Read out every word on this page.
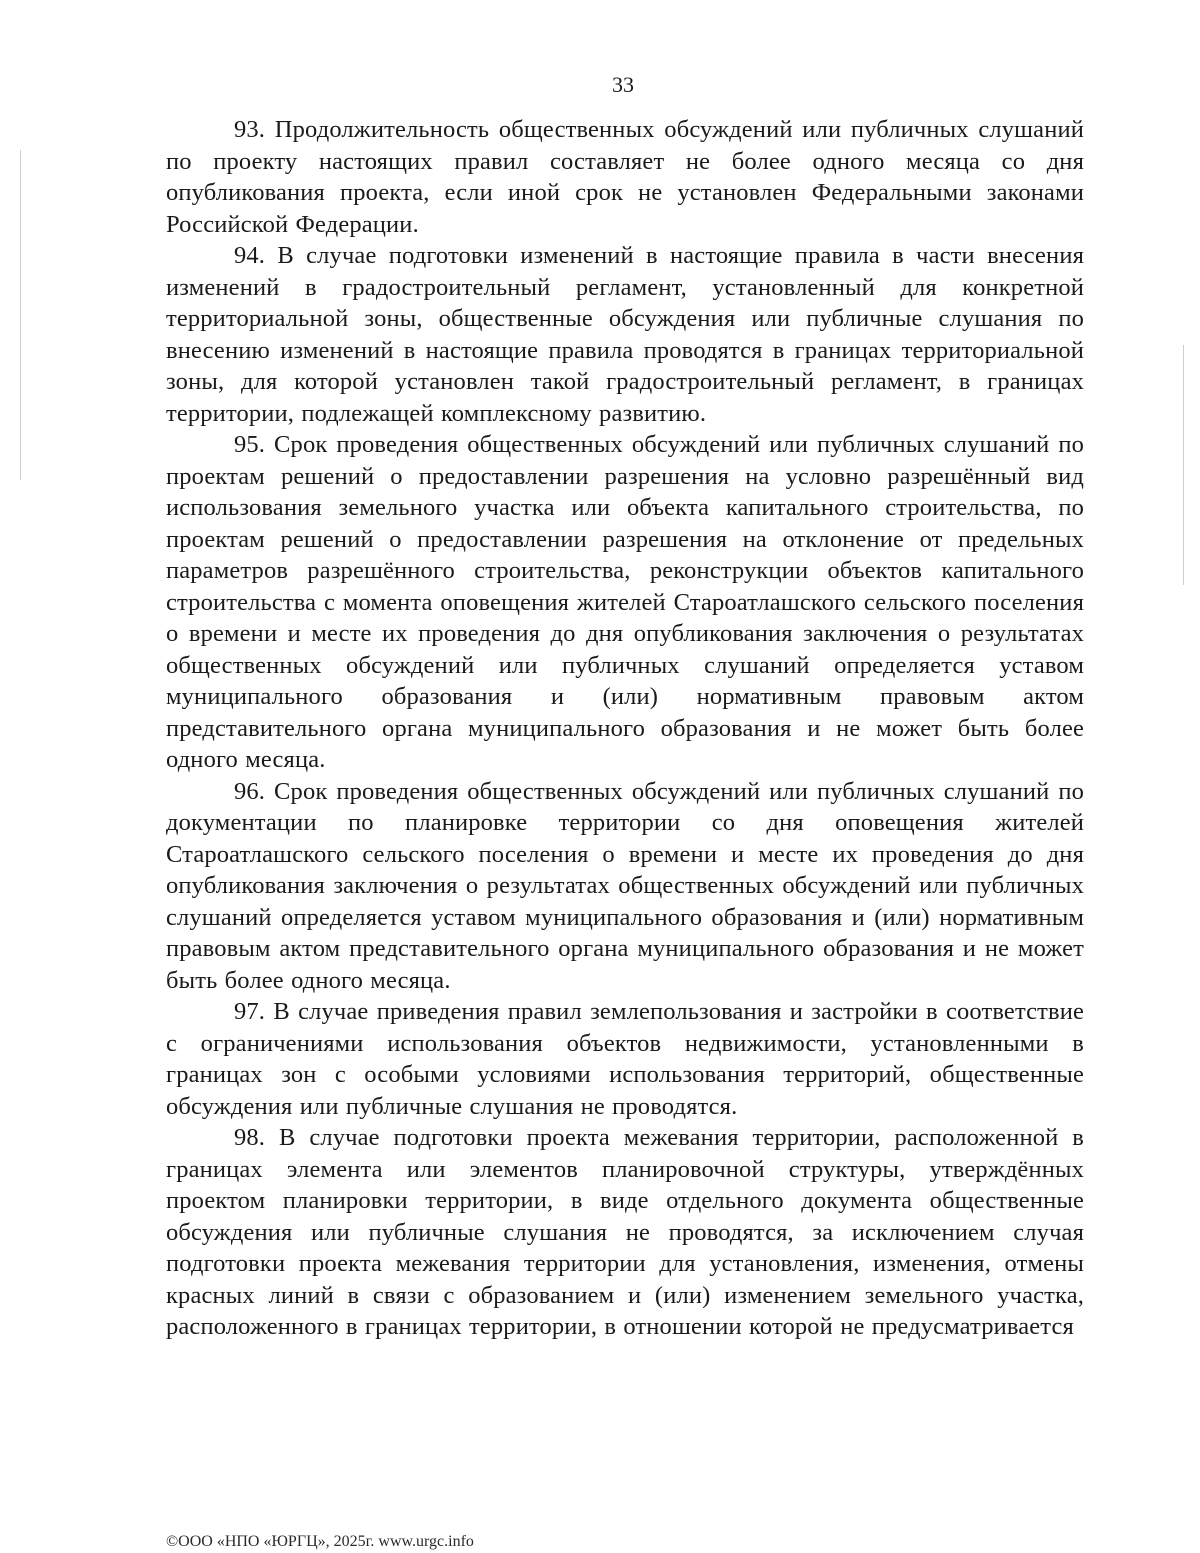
33

93. Продолжительность общественных обсуждений или публичных слушаний по проекту настоящих правил составляет не более одного месяца со дня опубликования проекта, если иной срок не установлен Федеральными законами Российской Федерации.

94. В случае подготовки изменений в настоящие правила в части внесения изменений в градостроительный регламент, установленный для конкретной территориальной зоны, общественные обсуждения или публичные слушания по внесению изменений в настоящие правила проводятся в границах территориальной зоны, для которой установлен такой градостроительный регламент, в границах территории, подлежащей комплексному развитию.

95. Срок проведения общественных обсуждений или публичных слушаний по проектам решений о предоставлении разрешения на условно разрешённый вид использования земельного участка или объекта капитального строительства, по проектам решений о предоставлении разрешения на отклонение от предельных параметров разрешённого строительства, реконструкции объектов капитального строительства с момента оповещения жителей Староатлашского сельского поселения о времени и месте их проведения до дня опубликования заключения о результатах общественных обсуждений или публичных слушаний определяется уставом муниципального образования и (или) нормативным правовым актом представительного органа муниципального образования и не может быть более одного месяца.

96. Срок проведения общественных обсуждений или публичных слушаний по документации по планировке территории со дня оповещения жителей Староатлашского сельского поселения о времени и месте их проведения до дня опубликования заключения о результатах общественных обсуждений или публичных слушаний определяется уставом муниципального образования и (или) нормативным правовым актом представительного органа муниципального образования и не может быть более одного месяца.

97. В случае приведения правил землепользования и застройки в соответствие с ограничениями использования объектов недвижимости, установленными в границах зон с особыми условиями использования территорий, общественные обсуждения или публичные слушания не проводятся.

98. В случае подготовки проекта межевания территории, расположенной в границах элемента или элементов планировочной структуры, утверждённых проектом планировки территории, в виде отдельного документа общественные обсуждения или публичные слушания не проводятся, за исключением случая подготовки проекта межевания территории для установления, изменения, отмены красных линий в связи с образованием и (или) изменением земельного участка, расположенного в границах территории, в отношении которой не предусматривается

©ООО «НПО «ЮРГЦ», 2025г. www.urgc.info
